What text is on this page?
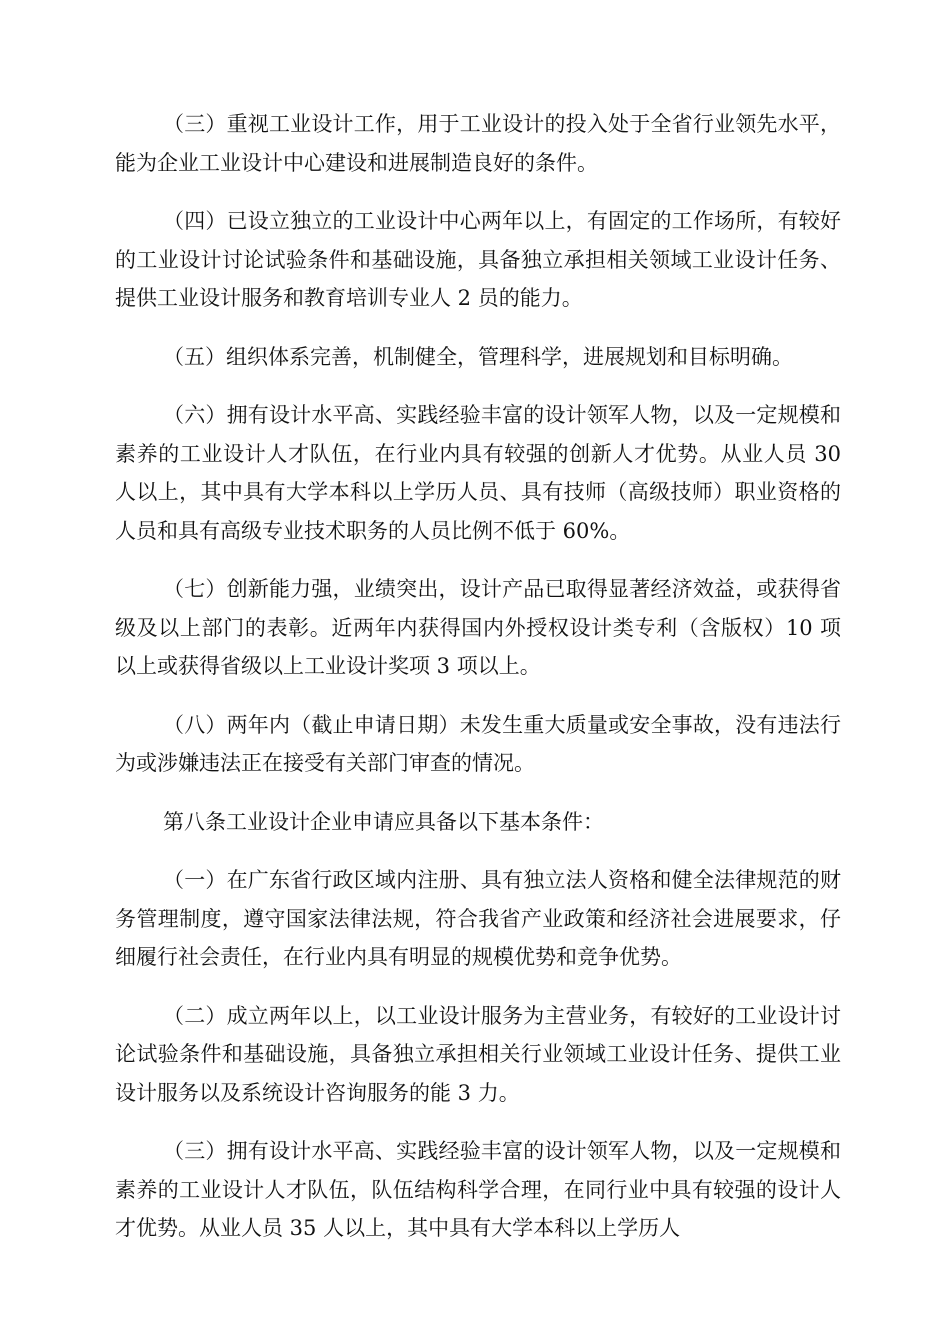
（三）重视工业设计工作，用于工业设计的投入处于全省行业领先水平，能为企业工业设计中心建设和进展制造良好的条件。

（四）已设立独立的工业设计中心两年以上，有固定的工作场所，有较好的工业设计讨论试验条件和基础设施，具备独立承担相关领域工业设计任务、提供工业设计服务和教育培训专业人 2 员的能力。

（五）组织体系完善，机制健全，管理科学，进展规划和目标明确。

（六）拥有设计水平高、实践经验丰富的设计领军人物，以及一定规模和素养的工业设计人才队伍，在行业内具有较强的创新人才优势。从业人员 30 人以上，其中具有大学本科以上学历人员、具有技师（高级技师）职业资格的人员和具有高级专业技术职务的人员比例不低于 60%。

（七）创新能力强，业绩突出，设计产品已取得显著经济效益，或获得省级及以上部门的表彰。近两年内获得国内外授权设计类专利（含版权）10 项以上或获得省级以上工业设计奖项 3 项以上。

（八）两年内（截止申请日期）未发生重大质量或安全事故，没有违法行为或涉嫌违法正在接受有关部门审查的情况。

第八条工业设计企业申请应具备以下基本条件：

（一）在广东省行政区域内注册、具有独立法人资格和健全法律规范的财务管理制度，遵守国家法律法规，符合我省产业政策和经济社会进展要求，仔细履行社会责任，在行业内具有明显的规模优势和竞争优势。

（二）成立两年以上，以工业设计服务为主营业务，有较好的工业设计讨论试验条件和基础设施，具备独立承担相关行业领域工业设计任务、提供工业设计服务以及系统设计咨询服务的能 3 力。

（三）拥有设计水平高、实践经验丰富的设计领军人物，以及一定规模和素养的工业设计人才队伍，队伍结构科学合理，在同行业中具有较强的设计人才优势。从业人员 35 人以上，其中具有大学本科以上学历人
